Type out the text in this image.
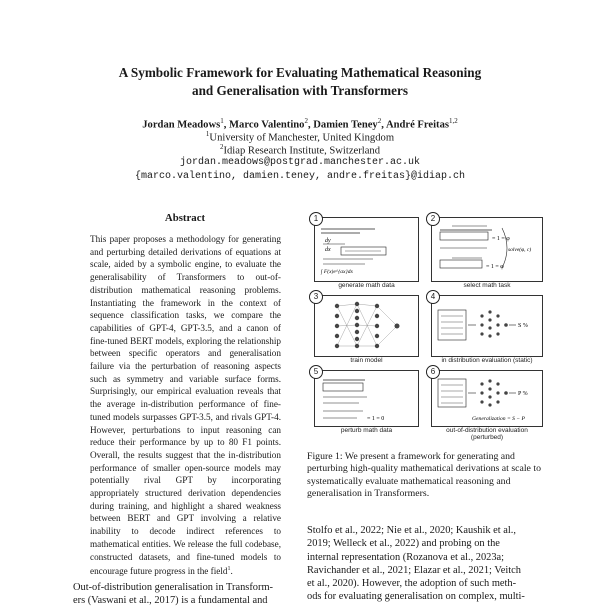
A Symbolic Framework for Evaluating Mathematical Reasoning
and Generalisation with Transformers
Jordan Meadows$^1$, Marco Valentino$^2$, Damien Teney$^2$, André Freitas$^{1,2}$
$^1$University of Manchester, United Kingdom
$^2$Idiap Research Institute, Switzerland
jordan.meadows@postgrad.manchester.ac.uk
{marco.valentino, damien.teney, andre.freitas}@idiap.ch
Abstract
This paper proposes a methodology for generating and perturbing detailed derivations of equations at scale, aided by a symbolic engine, to evaluate the generalisability of Transformers to out-of-distribution mathematical reasoning problems. Instantiating the framework in the context of sequence classification tasks, we compare the capabilities of GPT-4, GPT-3.5, and a canon of fine-tuned BERT models, exploring the relationship between specific operators and generalisation failure via the perturbation of reasoning aspects such as symmetry and variable surface forms. Surprisingly, our empirical evaluation reveals that the average in-distribution performance of fine-tuned models surpasses GPT-3.5, and rivals GPT-4. However, perturbations to input reasoning can reduce their performance by up to 80 F1 points. Overall, the results suggest that the in-distribution performance of smaller open-source models may potentially rival GPT by incorporating appropriately structured derivation dependencies during training, and highlight a shared weakness between BERT and GPT involving a relative inability to decode indirect references to mathematical entities. We release the full codebase, constructed datasets, and fine-tuned models to encourage future progress in the field$^1$.
Out-of-distribution generalisation in Transform-
ers (Vaswani et al., 2017) is a fundamental and
dy
dx
∫ F(x)e^{ax}dx
1
generate math data
= 1 = φ
= 1 = φ
solve(φ, c)
2
select math task
3
train model
S %
4
in distribution evaluation (static)
= 1 = 0
5
perturb math data
P %
Generalization = S − P
6
out-of-distribution evaluation (perturbed)
Figure 1: We present a framework for generating and perturbing high-quality mathematical derivations at scale to systematically evaluate mathematical reasoning and generalisation in Transformers.
Stolfo et al., 2022; Nie et al., 2020; Kaushik et al.,
2019; Welleck et al., 2022) and probing on the
internal representation (Rozanova et al., 2023a;
Ravichander et al., 2021; Elazar et al., 2021; Veitch
et al., 2020). However, the adoption of such meth-
ods for evaluating generalisation on complex, multi-
